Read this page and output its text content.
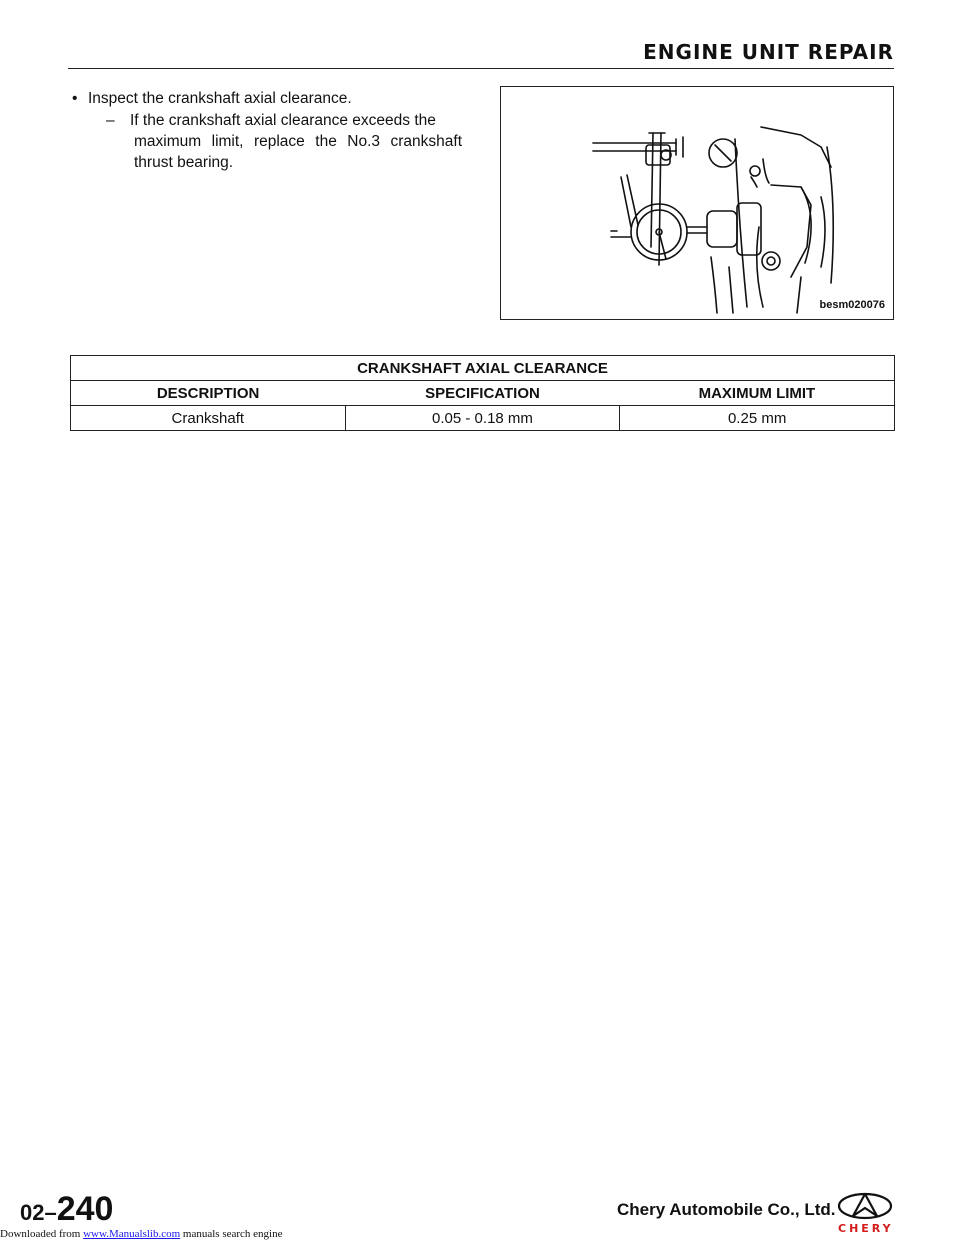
ENGINE UNIT REPAIR
• Inspect the crankshaft axial clearance.
– If the crankshaft axial clearance exceeds the
maximum limit, replace the No.3 crankshaft thrust bearing.
besm020076
CRANKSHAFT AXIAL CLEARANCE		
DESCRIPTION	SPECIFICATION	MAXIMUM LIMIT
Crankshaft	0.05 - 0.18 mm	0.25 mm
02–240	Chery Automobile Co., Ltd.
CHERY
Downloaded from www.Manualslib.com manuals search engine
